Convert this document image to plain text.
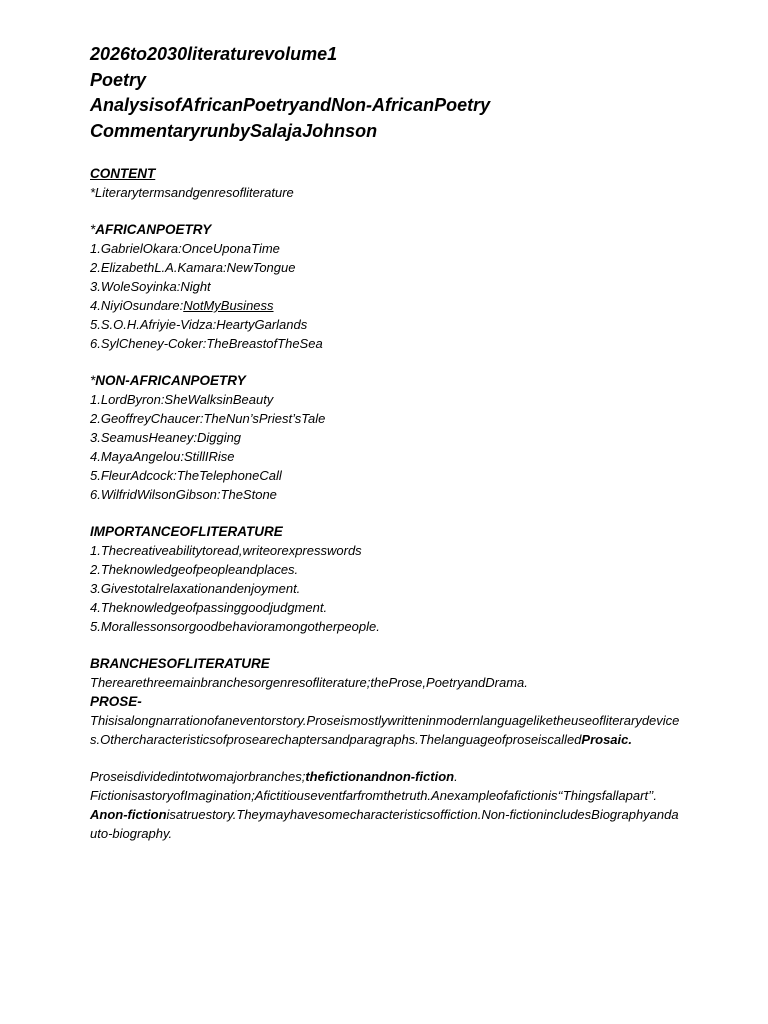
2026to2030literaturevolume1
Poetry
AnalysisofAfricanPoetryandNon-AfricanPoetry
CommentaryrunbySalajaJohnson
CONTENT
*Literarytermsandgenresofliterature
*AFRICANPOETRY
1.GabrielOkara:OnceUponaTime
2.ElizabethL.A.Kamara:NewTongue
3.WoleSoyinka:Night
4.NiyiOsundare:NotMyBusiness
5.S.O.H.Afriyie-Vidza:HeartyGarlands
6.SylCheney-Coker:TheBreastofTheSea
*NON-AFRICANPOETRY
1.LordByron:SheWalksinBeauty
2.GeoffreyChaucer:TheNun’sPriest’sTale
3.SeamusHeaney:Digging
4.MayaAngelou:StillIRise
5.FleurAdcock:TheTelephoneCall
6.WilfridWilsonGibson:TheStone
IMPORTANCEOFLITERATURE
1.Thecreativeabilitytoread,writeorexpresswords
2.Theknowledgeofpeopleandplaces.
3.Givestotalrelaxationandenjoyment.
4.Theknowledgeofpassinggoodjudgment.
5.Morallessonsorgoodbehavioramongotherpeople.
BRANCHESOFLITERATURE
Therearethreemainbranchesorgenresofliterature;theProse,PoetryandDrama.
PROSE-
Thisisalongnarrationofaneventorstory.Proseismostlywritteninmodernlanguageliketheuseofliterarydevices.Othercharacteristicsofprosearechaptersandparagraphs.ThelanguageofproseiscalledProsaic.
Proseisdividedintotwomajorbranches;thefictionandnon-fiction.
FictionisastoryofImagination;Afictitiouseventfarfromthetruth.Anexampleofafictionis‘‘Thingsfallapart’’.
Anon-fictionisatruestory.Theymayhavesomecharacteristicsoffiction.Non-fictionincludesBiographyandauto-biography.
